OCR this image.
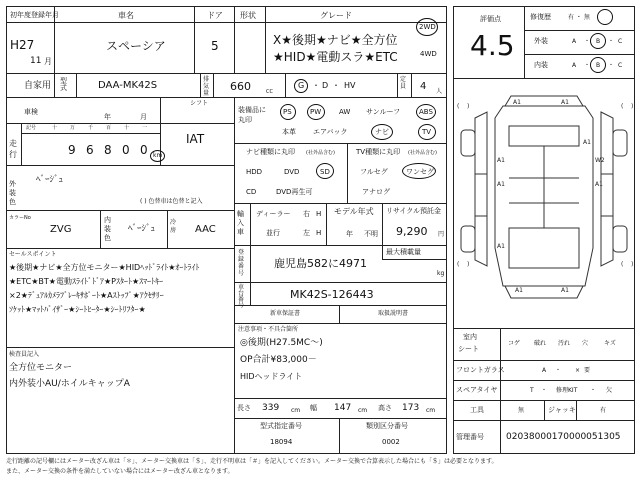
初年度登録年月
H27
11 月
車名
スペーシア
ドア
5
形状	グレード
X★後期★ナビ★全方位
★HID★電動スラ★ETC
2WD
4WD
自家用 型式	DAA-MK42S
排気量
660	CC
G ・ D ・ HV
定員 4 人
車検
年	月
シフト
IAT
走
行
記号	十	万	千	百	十	一
9 6 8 0 0 km
外装色
ﾍﾞｰｼﾞｭ
( ) 色替車は色替と記入
カラーNo
ZVG
内装色
ﾍﾞｰｼﾞｭ
冷房 AAC
セールスポイント
★後期★ナビ★全方位モニター★HIDﾍｯﾄﾞﾗｲﾄ★ｵｰﾄﾗｲﾄ
★ETC★BT★電動ｽﾗｲﾄﾞﾄﾞｱ★Pｽﾀｰﾄ★ｽﾏｰﾄｷｰ
×2★ﾃﾞｭｱﾙｶﾒﾗﾌﾞﾚｰｷｻﾎﾟｰﾄ★Aｽﾄｯﾌﾟ★ｱｸｾｻﾘｰ
ｿｹｯﾄ★ﾏｯﾄﾊﾞｲｻﾞｰ★ｼｰﾄﾋｰﾀｰ★ｼｰﾄﾘﾌﾀｰ★
検査員記入
全方位モニター
内外装小AU/ホイルキャップA
装備品に
丸印
PS	PW	AW サンルーフ	ABS
本革 エアバック	ナビ	TV
ナビ種類に丸印 (社外品含む)
HDD	DVD	SD
CD	DVD再生可
TV種類に丸印 (社外品含む)
フルセグ	ワンセグ
アナログ
輸入車
ディーラー
並行
右
左
H
H
モデル年式
年 不明
リサイクル預託金
9,290 円
登録番号
鹿児島582に4971
最大積載量
kg
車台番号
MK42S-126443
新車保証書	取扱説明書
注意事項・不具合箇所
◎後期(H27.5MC～)
OP合計¥83,000－
HIDヘッドライト
長さ 339 cm 幅 147 cm 高さ 173 cm
型式指定番号
18094
類別区分番号
0002
評価点
4.5
修復歴	有 ・ 無
外装	A ・ B ・ C
内装	A ・ B ・ C
A1	A1
A1
A1
W2
A1	A1
A1
A1	A1
( )	( )
( )	( )
室内
シート
コゲ 破れ 汚れ 穴	キズ
フロントガラス	A ・ × 要
スペアタイヤ	T ・ 修理KIT ・ 欠
工具	無	ジャッキ	有
管理番号 02038000170000051305
走行距離の記号欄にはメーター改ざん車は「＊」、メーター交換車は「＄」、走行不明車は「＃」を記入してください。メーター交換で合算表示した場合にも「＄」は必要となります。
また、メーター交換の条件を満たしていない場合にはメーター改ざん車となります。
